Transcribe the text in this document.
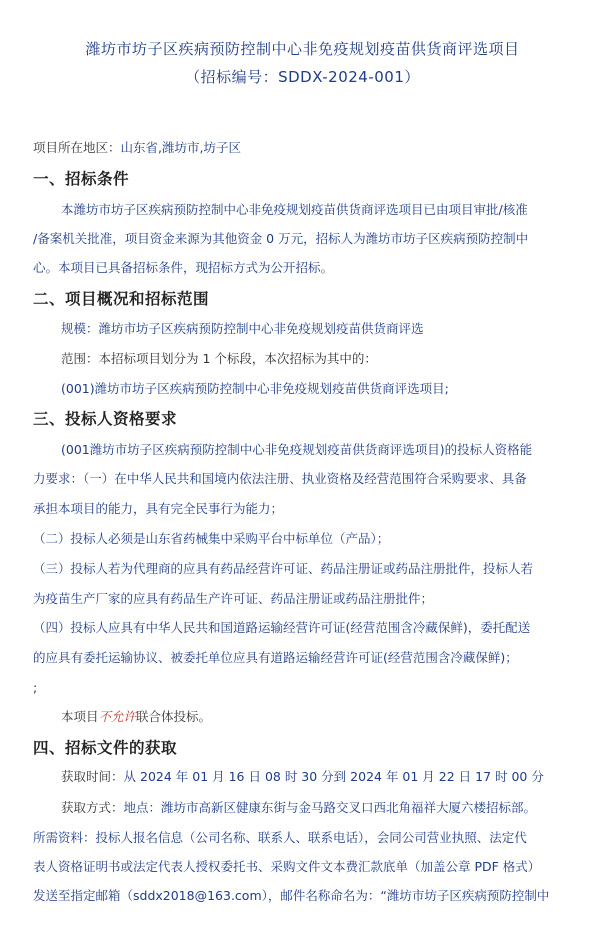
潍坊市坊子区疾病预防控制中心非免疫规划疫苗供货商评选项目
（招标编号：SDDX-2024-001）
项目所在地区：山东省,潍坊市,坊子区
一、招标条件
本潍坊市坊子区疾病预防控制中心非免疫规划疫苗供货商评选项目已由项目审批/核准
/备案机关批准，项目资金来源为其他资金 0 万元，招标人为潍坊市坊子区疾病预防控制中
心。本项目已具备招标条件，现招标方式为公开招标。
二、项目概况和招标范围
规模：潍坊市坊子区疾病预防控制中心非免疫规划疫苗供货商评选
范围：本招标项目划分为 1 个标段，本次招标为其中的：
(001)潍坊市坊子区疾病预防控制中心非免疫规划疫苗供货商评选项目;
三、投标人资格要求
(001潍坊市坊子区疾病预防控制中心非免疫规划疫苗供货商评选项目)的投标人资格能
力要求：（一）在中华人民共和国境内依法注册、执业资格及经营范围符合采购要求、具备
承担本项目的能力，具有完全民事行为能力；
（二）投标人必须是山东省药械集中采购平台中标单位（产品）；
（三）投标人若为代理商的应具有药品经营许可证、药品注册证或药品注册批件，投标人若
为疫苗生产厂家的应具有药品生产许可证、药品注册证或药品注册批件；
（四）投标人应具有中华人民共和国道路运输经营许可证(经营范围含冷藏保鲜)，委托配送
的应具有委托运输协议、被委托单位应具有道路运输经营许可证(经营范围含冷藏保鲜)；
;
本项目不允许联合体投标。
四、招标文件的获取
获取时间：从 2024 年 01 月 16 日 08 时 30 分到 2024 年 01 月 22 日 17 时 00 分
获取方式：地点：潍坊市高新区健康东街与金马路交叉口西北角福祥大厦六楼招标部。
所需资料：投标人报名信息（公司名称、联系人、联系电话），会同公司营业执照、法定代
表人资格证明书或法定代表人授权委托书、采购文件文本费汇款底单（加盖公章 PDF 格式）
发送至指定邮箱（sddx2018@163.com），邮件名称命名为：“潍坊市坊子区疾病预防控制中
